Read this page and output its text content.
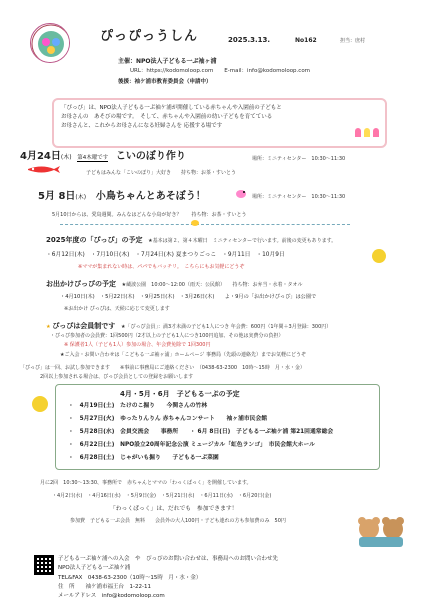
ぴっぴっうしん	2025.3.13.	No162	担当：庶村
主催：NPO法人子どもる一ぷ袖ヶ浦
URL：https://kodomoloop.com　　E-mail：info@kodomoloop.com
後援：袖ケ浦市教育委員会（申請中）
「ぴっぴ」は、NPO法人子どもる一ぷ袖ケ浦が開催している赤ちゃんや入園前の子どもと
お母さんの　あそびの場です。　そして、赤ちゃんや入園前の幼い子どもを育てている
お母さんと、これからお母さんになる妊婦さんを 応援する場です
4月24日(木) 第4木曜です こいのぼり作り	場所：ミニティセンター　10:30～11:30
子どもはみんな「こいのぼり」大好き　　持ち物：お茶・すいとう
5月 8日(木) 小鳥ちゃんとあそぼう！	場所：ミニティセンター　10:30～11:30
5月10日からは、愛鳥週間。みんなはどんな小鳥が好き？　　持ち物：お茶・すいとう
2025年度の「ぴっぴ」の予定 ★基本は第２、第４木曜日　ミニティセンターで行います。前後の変更もあります。
・6月12日(木)　・7月10日(木)　・7月24日(木) 夏まつりごっこ　・9月11日　・10月9日
※ママが集まれない時は、パパでもバッチリ。　こちらにもお気軽にどうぞ
お出かけぴっぴの予定 ★蔵波公園　10:00～12:00（雨天：公民館）　　持ち物：お弁当・水着・タオル
・4月10日(木)　・5月22日(木)　・9月25日(木)　・3月26日(木)　　よ・9月の「お出かけぴっぴ」は公園で
※お出かけ ぴっぴは、天候に応じて変更します
★ ぴっぴは会員制です ★「ぴっぴ会員」：満3才未満の子ども1人につき 年会費：600円（1年間＋3月登録：300円）
・ぴっぴ参加者の会員費：1回500円（2才以上の子ども1人につき100円追加、その他は実費分の負担）
※ 保護者1人（子ども1人）参加の場合、年会費免除で 1回300円
★ご入会・お問い合わせは「こどもる一ぷ袖ヶ浦」ホームページ 事務局（先頭の連絡先）までお気軽にどうぞ
「ぴっぴ」は一回、お試し参加できます　　※事前に事務局にご連絡ください　（0438-63-2300　10時～15時　月・水・金）
2回以上参加される場合は、ぴっぴ会員としての登録をお願いします
4月・5月・6月　子どもる一ぷの予定
・　4月19日(土)　たけのこ掘り　　今関さんの竹林
・　5月27日(火)　ゆったりんりん 赤ちゃんコンサート　　袖ヶ浦市民会館
・　5月28日(水)　会員交流会　　事務所　　・ 6月 8日(日)　子どもる一ぷ袖ケ浦 第21回通常総会
・　6月22日(土)　NPO設立20周年記念公演 ミュージカル「虹色ランゴ」　市民会館大ホール
・　6月28日(土)　じゃがいも掘り　　子どもる一ぷ菜園
月に2回　10:30～13:30、事務所で　赤ちゃんとママの「わっくぱっく」を開催しています。
・4月2日(水)　・4月16日(水)　・5月9日(金)　・5月21日(水)　・6月11日(水)　・6月20日(金)
「わっくぱっく」は、だれでも　参加できます！
参加費　子どもる一ぷ会員　無料　　会員外の大人100円・子ども連れの方も参加費のみ　50円
子どもる一ぷ袖ケ浦への入会　や　ぴっぴのお問い合わせは、事務局へのお問い合わせ先
NPO法人子どもる一ぷ袖ケ浦
TEL&FAX　0438-63-2300（10時～15時　月・水・金）
住　所　　袖ケ浦市福王台　1-22-11
メールアドレス　info@kodomoloop.com
